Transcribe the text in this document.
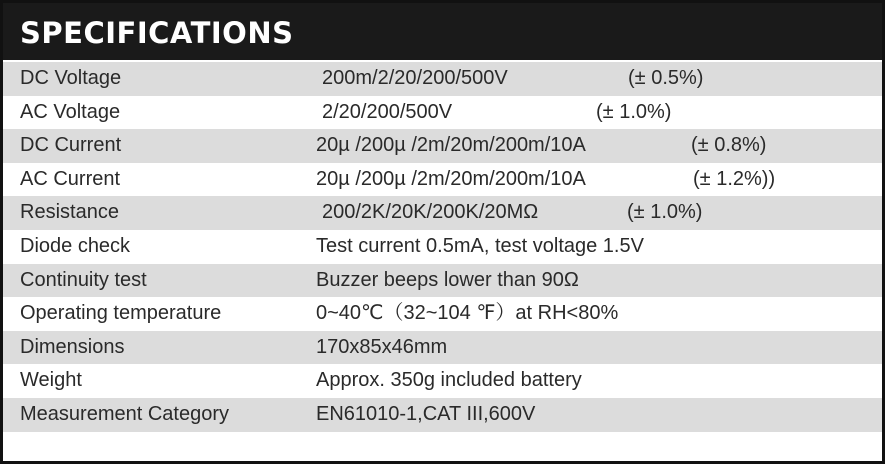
SPECIFICATIONS
DC Voltage	200m/2/20/200/500V	(± 0.5%)
AC Voltage	2/20/200/500V	(± 1.0%)
DC Current	20µ /200µ /2m/20m/200m/10A	(± 0.8%)
AC Current	20µ /200µ /2m/20m/200m/10A	(± 1.2%))
Resistance	200/2K/20K/200K/20MΩ	(± 1.0%)
Diode check	Test current 0.5mA, test voltage 1.5V
Continuity test	Buzzer beeps lower than 90Ω
Operating temperature	0~40℃（32~104 ℉）at RH<80%
Dimensions	170x85x46mm
Weight	Approx. 350g included battery
Measurement Category	EN61010-1,CAT III,600V
